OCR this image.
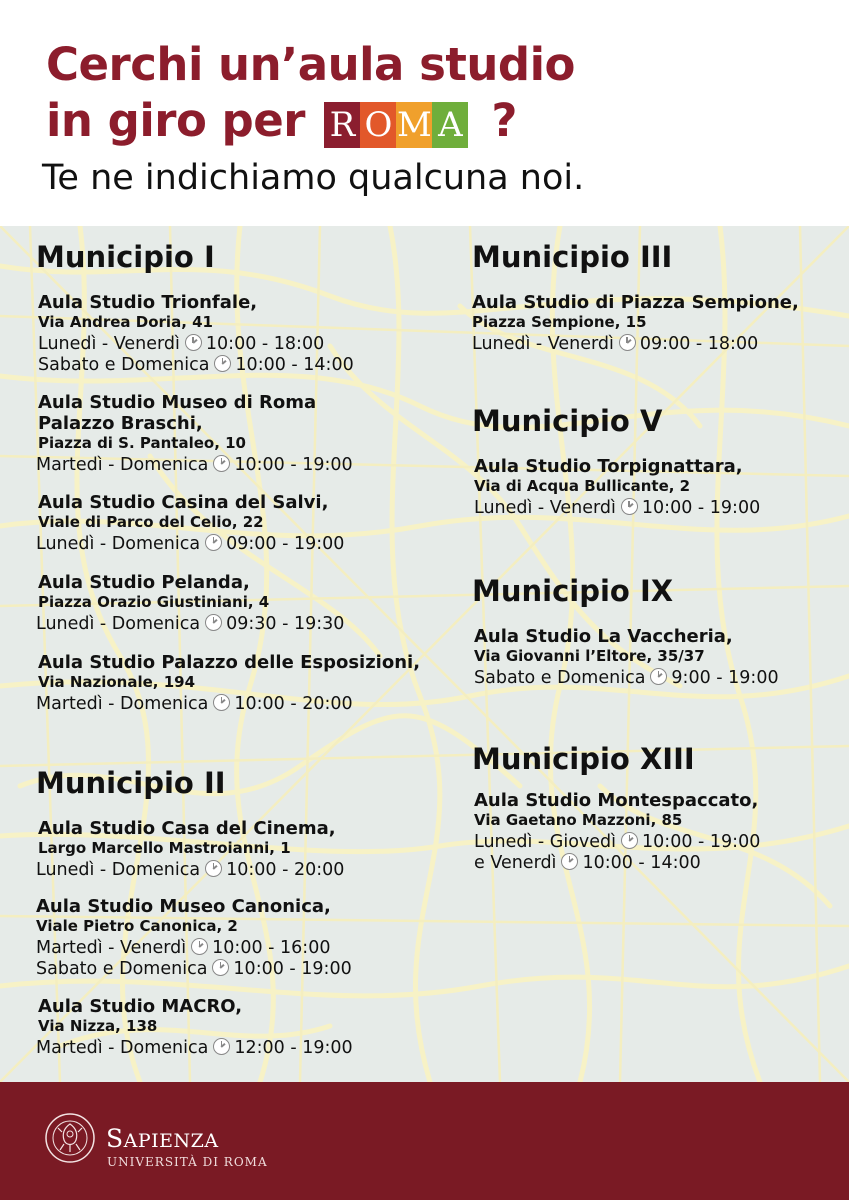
Cerchi un’aula studio
in giro per R O M A ?
Te ne indichiamo qualcuna noi.
Municipio I
Aula Studio Trionfale,
Via Andrea Doria, 41
Lunedì - Venerdì 10:00 - 18:00
Sabato e Domenica 10:00 - 14:00
Aula Studio Museo di Roma
Palazzo Braschi,
Piazza di S. Pantaleo, 10
Martedì - Domenica 10:00 - 19:00
Aula Studio Casina del Salvi,
Viale di Parco del Celio, 22
Lunedì - Domenica 09:00 - 19:00
Aula Studio Pelanda,
Piazza Orazio Giustiniani, 4
Lunedì - Domenica 09:30 - 19:30
Aula Studio Palazzo delle Esposizioni,
Via Nazionale, 194
Martedì - Domenica 10:00 - 20:00
Municipio II
Aula Studio Casa del Cinema,
Largo Marcello Mastroianni, 1
Lunedì - Domenica 10:00 - 20:00
Aula Studio Museo Canonica,
Viale Pietro Canonica, 2
Martedì - Venerdì 10:00 - 16:00
Sabato e Domenica 10:00 - 19:00
Aula Studio MACRO,
Via Nizza, 138
Martedì - Domenica 12:00 - 19:00
Municipio III
Aula Studio di Piazza Sempione,
Piazza Sempione, 15
Lunedì - Venerdì 09:00 - 18:00
Municipio V
Aula Studio Torpignattara,
Via di Acqua Bullicante, 2
Lunedì - Venerdì 10:00 - 19:00
Municipio IX
Aula Studio La Vaccheria,
Via Giovanni l’Eltore, 35/37
Sabato e Domenica 9:00 - 19:00
Municipio XIII
Aula Studio Montespaccato,
Via Gaetano Mazzoni, 85
Lunedì - Giovedì 10:00 - 19:00
e Venerdì 10:00 - 14:00
SAPIENZA
UNIVERSITÀ DI ROMA
